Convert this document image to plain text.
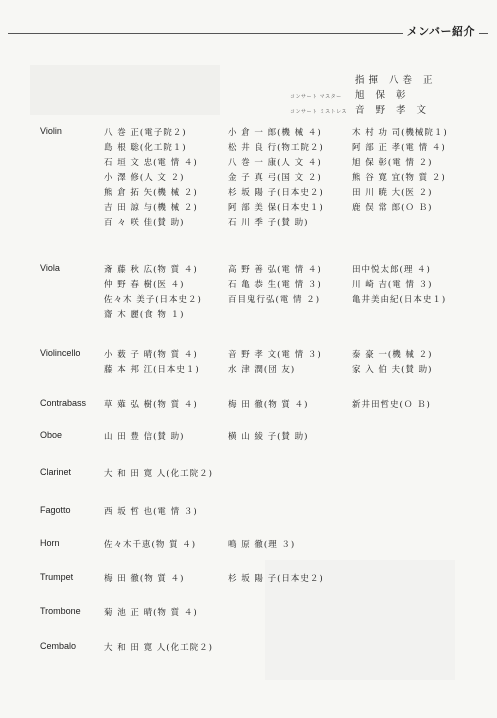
メンバー紹介
指揮 八巻 正
コンサート マスター	旭 保 彰
コンサート ミストレス 音 野 孝 文
Violin	八 巻 正(電子院２)	小 倉 一 郎(機 械 ４)	木 村 功 司(機械院１)
島 根 聡(化工院１)	松 井 良 行(物工院２)	阿 部 正 孝(電 情 ４)
石 垣 文 忠(電 情 ４)	八 巻 一 康(人 文 ４)	旭 保 彰(電 情 ２)
小 澤 修(人 文 ２)	金 子 真 弓(国 文 ２)	熊 谷 寛 宜(物 質 ２)
熊 倉 拓 矢(機 械 ２)	杉 坂 陽 子(日本史２)	田 川 暁 大(医 ２)
吉 田 諒 与(機 械 ２)	阿 部 美 保(日本史１)	鹿 俣 常 郎(Ｏ Ｂ)
百 々 咲 佳(賛 助)	石 川 季 子(賛 助)
Viola	斎 藤 秋 広(物 質 ４)	高 野 善 弘(電 情 ４)	田中悦太郎(理 ４)
仲 野 春 樹(医 ４)	石 亀 恭 生(電 情 ３)	川 崎 吉(電 情 ３)
佐々木 美子(日本史２)	百目鬼行弘(電 情 ２)	亀井美由紀(日本史１)
齋 木 麗(食 物 １)
Violincello	小 薮 子 晴(物 質 ４)	音 野 孝 文(電 情 ３)	泰 豪 一(機 械 ２)
藤 本 邦 江(日本史１)	水 津 潤(団 友)	家 入 伯 夫(賛 助)
Contrabass	草 薙 弘 樹(物 質 ４)	梅 田 徹(物 質 ４)	新井田哲史(Ｏ Ｂ)
Oboe	山 田 豊 信(賛 助)	横 山 綾 子(賛 助)
Clarinet	大 和 田 寛 人(化工院２)
Fagotto	西 坂 哲 也(電 情 ３)
Horn	佐々木千恵(物 質 ４)	鳴 原 徹(理 ３)
Trumpet	梅 田 徹(物 質 ４)	杉 坂 陽 子(日本史２)
Trombone	菊 池 正 晴(物 質 ４)
Cembalo	大 和 田 寛 人(化工院２)
